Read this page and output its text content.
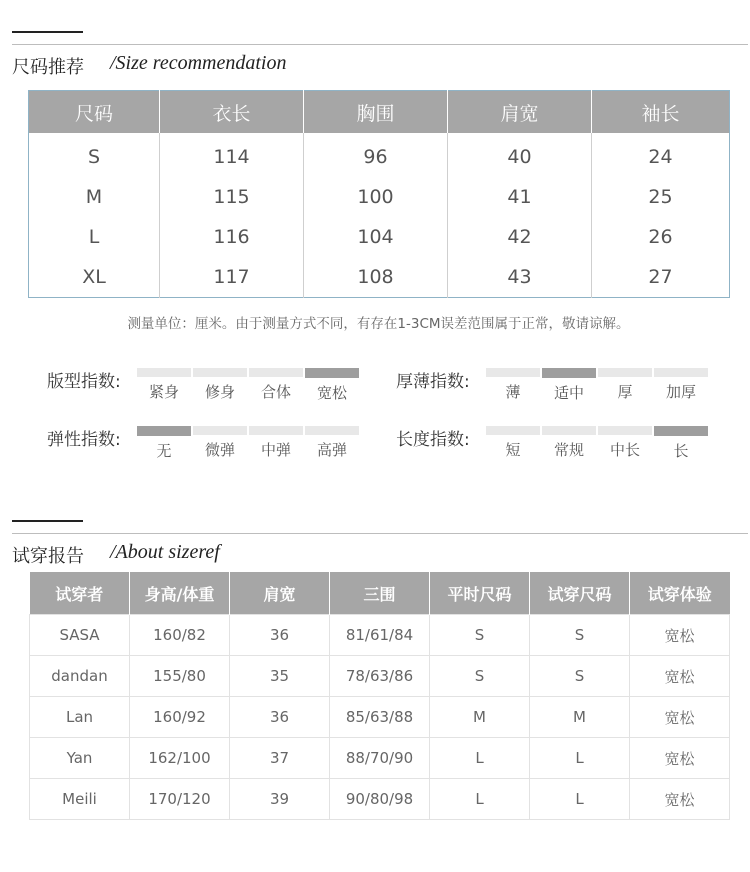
尺码推荐 /Size recommendation
尺码	衣长	胸围	肩宽	袖长
S	114	96	40	24
M	115	100	41	25
L	116	104	42	26
XL	117	108	43	27
测量单位：厘米。由于测量方式不同，有存在1-3CM误差范围属于正常，敬请谅解。
版型指数: 紧身 修身 合体 宽松
厚薄指数: 薄 适中 厚 加厚
弹性指数:
无 微弹 中弹 高弹	长度指数: 短 常规 中长 长
试穿报告 /About sizeref
试穿者	身高/体重	肩宽	三围	平时尺码	试穿尺码	试穿体验
SASA	160/82	36	81/61/84	S	S	宽松
dandan	155/80	35	78/63/86	S	S	宽松
Lan	160/92	36	85/63/88	M	M	宽松
Yan	162/100	37	88/70/90	L	L	宽松
Meili	170/120	39	90/80/98	L	L	宽松
